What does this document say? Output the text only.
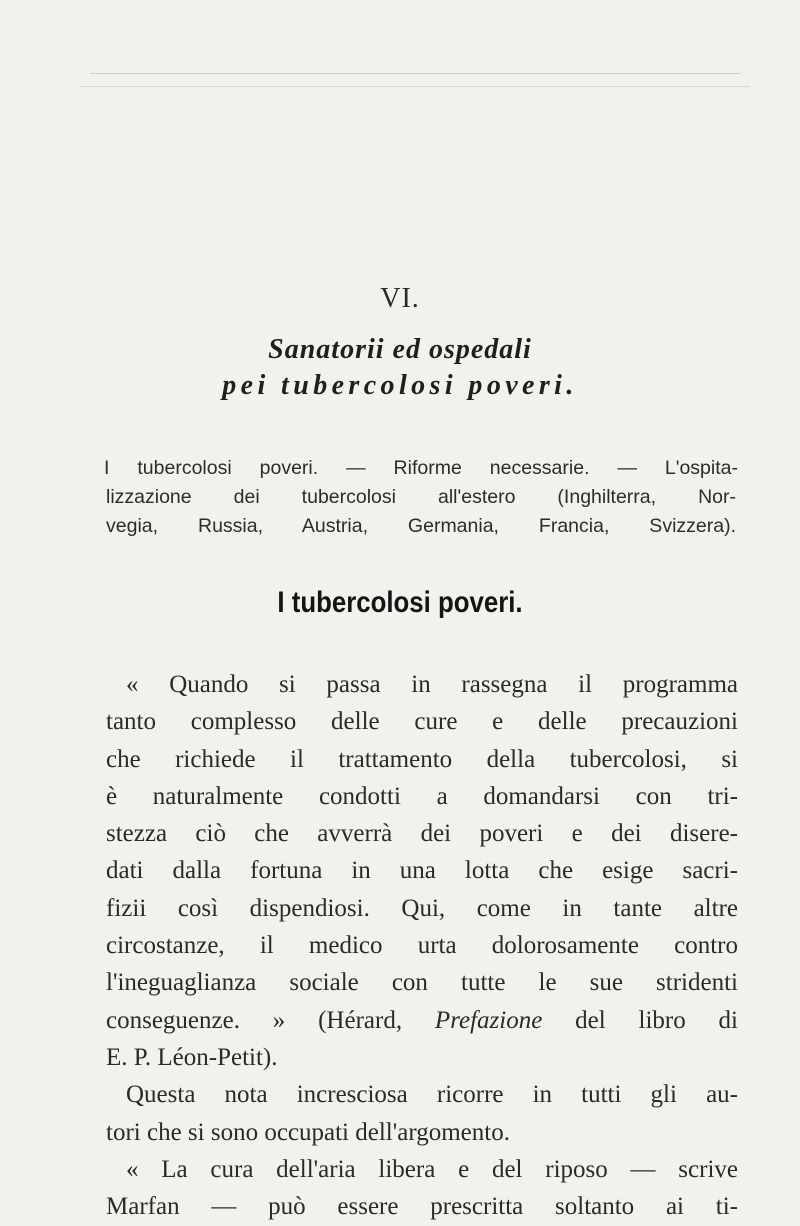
VI.
Sanatorii ed ospedali
pei tubercolosi poveri.
I tubercolosi poveri. — Riforme necessarie. — L'ospita-
lizzazione dei tubercolosi all'estero (Inghilterra, Nor-
vegia, Russia, Austria, Germania, Francia, Svizzera).
I tubercolosi poveri.
« Quando si passa in rassegna il programma
tanto complesso delle cure e delle precauzioni
che richiede il trattamento della tubercolosi, si
è naturalmente condotti a domandarsi con tri-
stezza ciò che avverrà dei poveri e dei disere-
dati dalla fortuna in una lotta che esige sacri-
fizii così dispendiosi. Qui, come in tante altre
circostanze, il medico urta dolorosamente contro
l'ineguaglianza sociale con tutte le sue stridenti
conseguenze. » (Hérard, Prefazione del libro di
E. P. Léon-Petit).
Questa nota incresciosa ricorre in tutti gli au-
tori che si sono occupati dell'argomento.
« La cura dell'aria libera e del riposo — scrive
Marfan — può essere prescritta soltanto ai ti-
